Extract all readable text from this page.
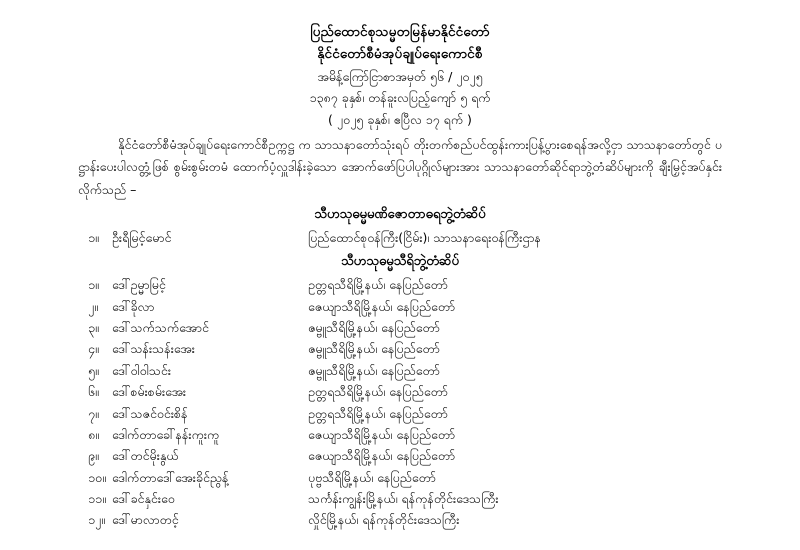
ပြည်ထောင်စုသမ္မတမြန်မာနိုင်ငံတော်
နိုင်ငံတော်စီမံအုပ်ချုပ်ရေးကောင်စီ
အမိန့်ကြော်ငြာစာအမှတ် ၅၆ / ၂၀၂၅
၁၃၈၇ ခုနှစ်၊ တန်ခူးလပြည့်ကျော် ၅ ရက်
( ၂၀၂၅ ခုနှစ်၊ ဧပြီလ ၁၇ ရက် )
နိုင်ငံတော်စီမံအုပ်ချုပ်ရေးကောင်စီဥက္ကဋ္ဌ က သာသနာတော်သုံးရပ် တိုးတက်စည်ပင်ထွန်းကားပြန့်ပွားစေရန်အလို့ငှာ သာသနာတော်တွင် ပဋ္ဌာန်းပေးပါလတ္တံ့ဖြစ် စွမ်းစွမ်းတမံ ထောက်ပံ့လှူဒါန်းခဲ့သော အောက်ဖော်ပြပါပုဂ္ဂိုလ်များအား သာသနာတော်ဆိုင်ရာဘွဲ့တံဆိပ်များကို ချီးမြှင့်အပ်နှင်းလိုက်သည် –
သီဟသုဓမ္မမဏိဇောတာဓရဘွဲ့တံဆိပ်
၁။	ဦးရီမြင့်မောင်	ပြည်ထောင်စုဝန်ကြီး(ငြိမ်း)၊ သာသနာရေးဝန်ကြီးဌာန
သီဟသုဓမ္မသီရိဘွဲ့တံဆိပ်
၁။	ဒေါ်ဥမ္မာမြင့်	ဥတ္တရသီရိမြို့နယ်၊ နေပြည်တော်
၂။	ဒေါ်ခိုလာ	ဇေယျာသီရိမြို့နယ်၊ နေပြည်တော်
၃။	ဒေါ်သက်သက်အောင်	ဇမ္ဗူသီရိမြို့နယ်၊ နေပြည်တော်
၄။	ဒေါ်သန်းသန်းအေး	ဇမ္ဗူသီရိမြို့နယ်၊ နေပြည်တော်
၅။	ဒေါ်ဝါဝါသင်း	ဇမ္ဗူသီရိမြို့နယ်၊ နေပြည်တော်
၆။	ဒေါ်စမ်းစမ်းအေး	ဥတ္တရသီရိမြို့နယ်၊ နေပြည်တော်
၇။	ဒေါ်သဇင်ဝင်းစိန်	ဥတ္တရသီရိမြို့နယ်၊ နေပြည်တော်
၈။	ဒေါက်တာခေါ်နန်းကူးကူ	ဇေယျာသီရိမြို့နယ်၊ နေပြည်တော်
၉။	ဒေါ်တင်မိုးနွယ်	ဇေယျာသီရိမြို့နယ်၊ နေပြည်တော်
၁၀။ ဒေါက်တာဒေါ်အေးခိုင်ညွန့်	ပုဗ္ဗသီရိမြို့နယ်၊ နေပြည်တော်
၁၁။ ဒေါ်ခင်နှင်းဝေ	သင်္ကန်းကျွန်းမြို့နယ်၊ ရန်ကုန်တိုင်းဒေသကြီး
၁၂။ ဒေါ်မာလာတင့်	လှိုင်မြို့နယ်၊ ရန်ကုန်တိုင်းဒေသကြီး
